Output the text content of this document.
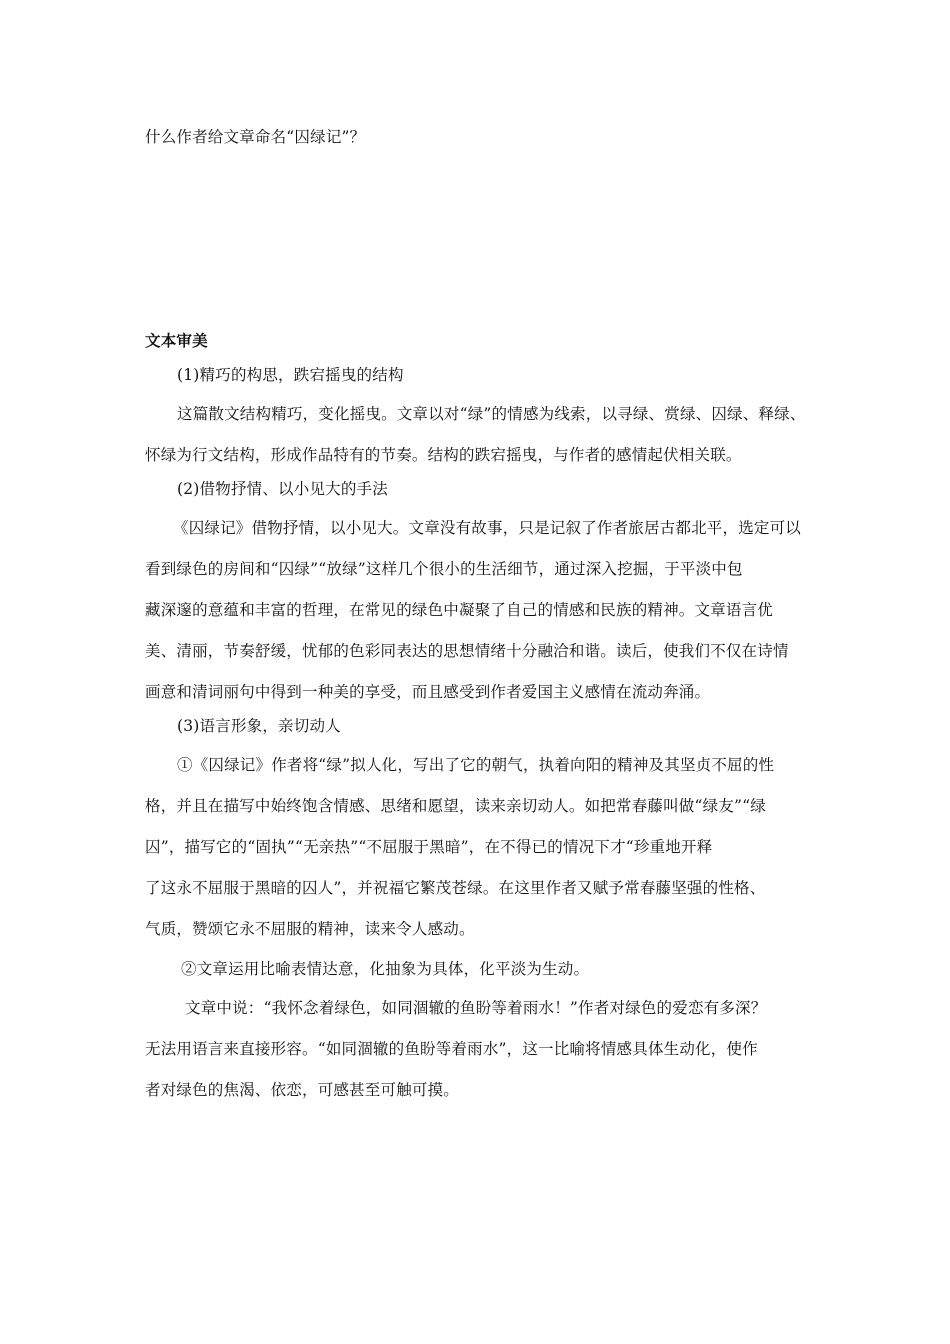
什么作者给文章命名“囚绿记”？
文本审美
(1)精巧的构思，跌宕摇曳的结构
这篇散文结构精巧，变化摇曳。文章以对“绿”的情感为线索，以寻绿、赏绿、囚绿、释绿、
怀绿为行文结构，形成作品特有的节奏。结构的跌宕摇曳，与作者的感情起伏相关联。
(2)借物抒情、以小见大的手法
《囚绿记》借物抒情，以小见大。文章没有故事，只是记叙了作者旅居古都北平，选定可以
看到绿色的房间和“囚绿”“放绿”这样几个很小的生活细节，通过深入挖掘，于平淡中包
藏深邃的意蕴和丰富的哲理，在常见的绿色中凝聚了自己的情感和民族的精神。文章语言优
美、清丽，节奏舒缓，忧郁的色彩同表达的思想情绪十分融洽和谐。读后，使我们不仅在诗情
画意和清词丽句中得到一种美的享受，而且感受到作者爱国主义感情在流动奔涌。
(3)语言形象，亲切动人
①《囚绿记》作者将“绿”拟人化，写出了它的朝气，执着向阳的精神及其坚贞不屈的性
格，并且在描写中始终饱含情感、思绪和愿望，读来亲切动人。如把常春藤叫做“绿友”“绿
囚”，描写它的“固执”“无亲热”“不屈服于黑暗”，在不得已的情况下才“珍重地开释
了这永不屈服于黑暗的囚人”，并祝福它繁茂苍绿。在这里作者又赋予常春藤坚强的性格、
气质，赞颂它永不屈服的精神，读来令人感动。
②文章运用比喻表情达意，化抽象为具体，化平淡为生动。
文章中说：“我怀念着绿色，如同涸辙的鱼盼等着雨水！”作者对绿色的爱恋有多深？
无法用语言来直接形容。“如同涸辙的鱼盼等着雨水”，这一比喻将情感具体生动化，使作
者对绿色的焦渴、依恋，可感甚至可触可摸。
